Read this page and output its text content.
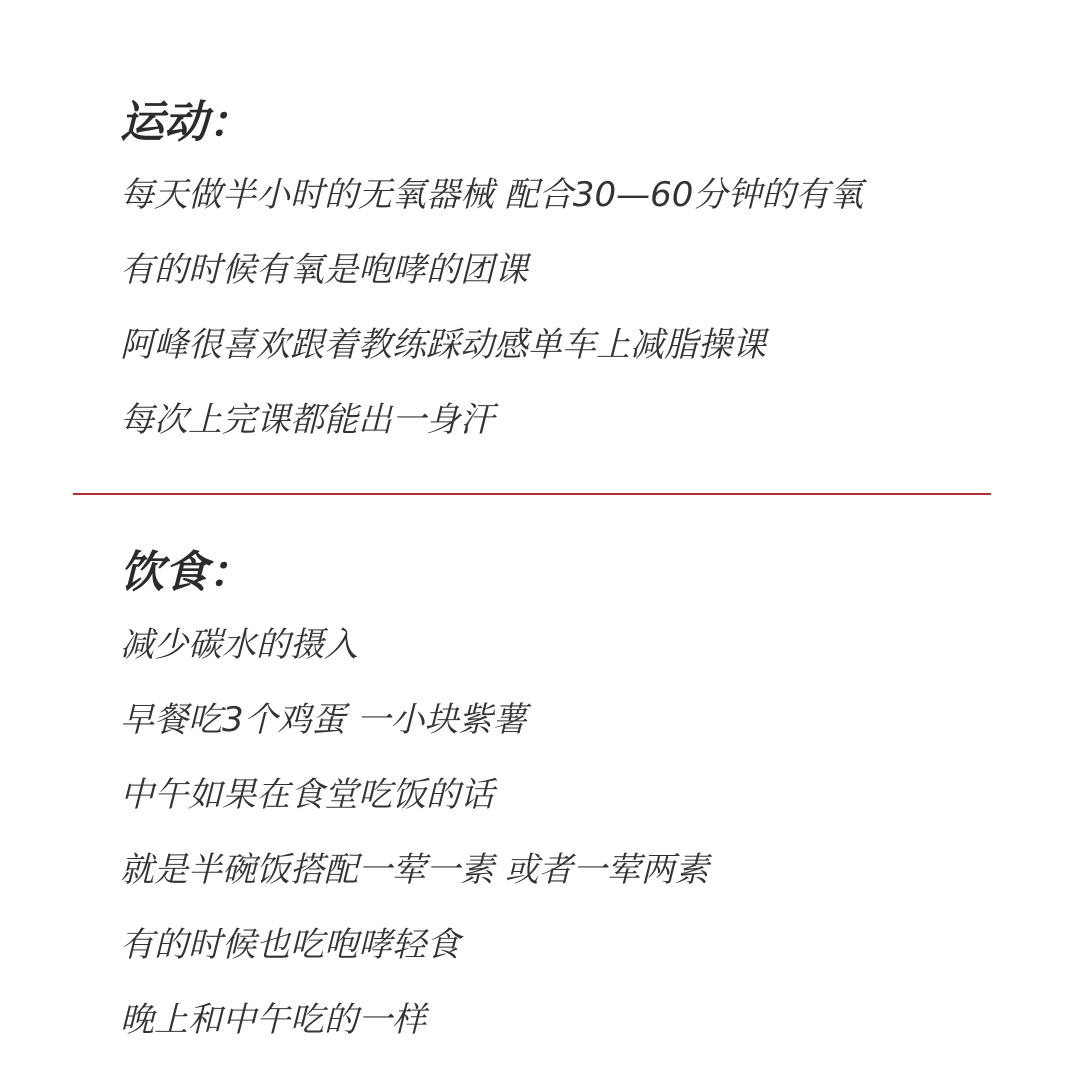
运动：
每天做半小时的无氧器械 配合30—60分钟的有氧
有的时候有氧是咆哮的团课
阿峰很喜欢跟着教练踩动感单车上减脂操课
每次上完课都能出一身汗
饮食：
减少碳水的摄入
早餐吃3个鸡蛋 一小块紫薯
中午如果在食堂吃饭的话
就是半碗饭搭配一荤一素 或者一荤两素
有的时候也吃咆哮轻食
晚上和中午吃的一样
